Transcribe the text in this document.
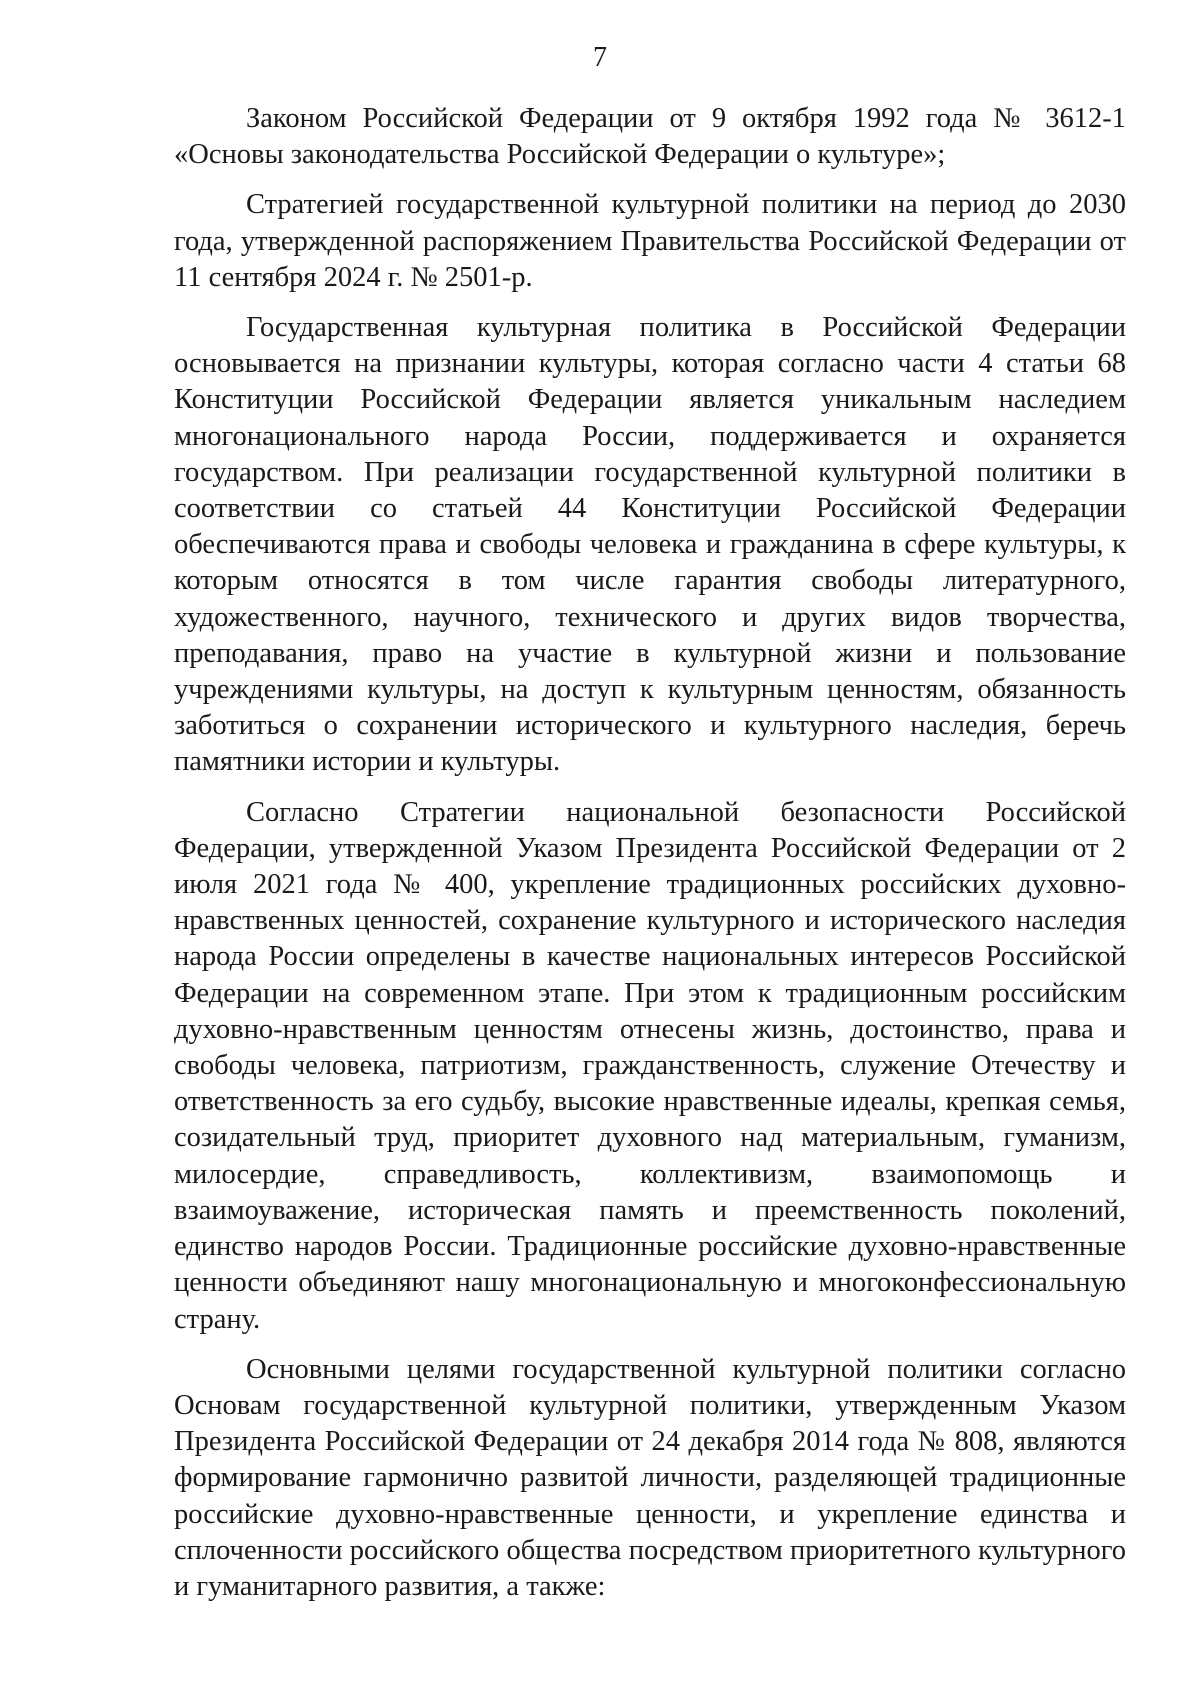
7

Законом Российской Федерации от 9 октября 1992 года № 3612-1 «Основы законодательства Российской Федерации о культуре»;

Стратегией государственной культурной политики на период до 2030 года, утвержденной распоряжением Правительства Российской Федерации от 11 сентября 2024 г. № 2501-р.

Государственная культурная политика в Российской Федерации основывается на признании культуры, которая согласно части 4 статьи 68 Конституции Российской Федерации является уникальным наследием многонационального народа России, поддерживается и охраняется государством. При реализации государственной культурной политики в соответствии со статьей 44 Конституции Российской Федерации обеспечиваются права и свободы человека и гражданина в сфере культуры, к которым относятся в том числе гарантия свободы литературного, художественного, научного, технического и других видов творчества, преподавания, право на участие в культурной жизни и пользование учреждениями культуры, на доступ к культурным ценностям, обязанность заботиться о сохранении исторического и культурного наследия, беречь памятники истории и культуры.

Согласно Стратегии национальной безопасности Российской Федерации, утвержденной Указом Президента Российской Федерации от 2 июля 2021 года № 400, укрепление традиционных российских духовно-нравственных ценностей, сохранение культурного и исторического наследия народа России определены в качестве национальных интересов Российской Федерации на современном этапе. При этом к традиционным российским духовно-нравственным ценностям отнесены жизнь, достоинство, права и свободы человека, патриотизм, гражданственность, служение Отечеству и ответственность за его судьбу, высокие нравственные идеалы, крепкая семья, созидательный труд, приоритет духовного над материальным, гуманизм, милосердие, справедливость, коллективизм, взаимопомощь и взаимоуважение, историческая память и преемственность поколений, единство народов России. Традиционные российские духовно-нравственные ценности объединяют нашу многонациональную и многоконфессиональную страну.

Основными целями государственной культурной политики согласно Основам государственной культурной политики, утвержденным Указом Президента Российской Федерации от 24 декабря 2014 года № 808, являются формирование гармонично развитой личности, разделяющей традиционные российские духовно-нравственные ценности, и укрепление единства и сплоченности российского общества посредством приоритетного культурного и гуманитарного развития, а также:
